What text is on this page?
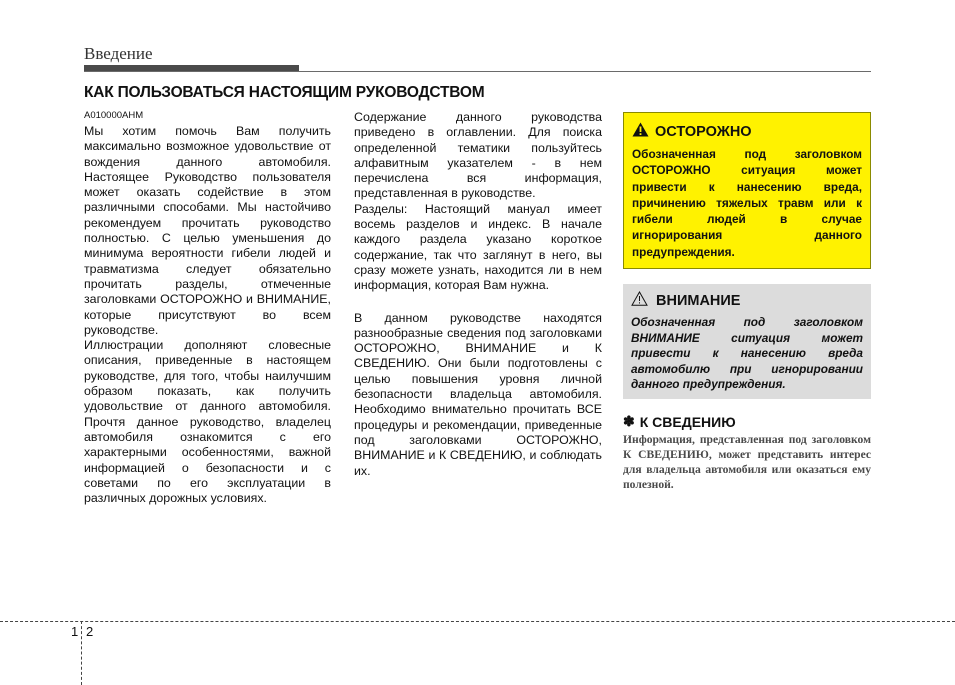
Введение
КАК ПОЛЬЗОВАТЬСЯ НАСТОЯЩИМ РУКОВОДСТВОМ
A010000AHM

Мы хотим помочь Вам получить максимально возможное удовольствие от вождения данного автомобиля. Настоящее Руководство пользователя может оказать содействие в этом различными способами. Мы настойчиво рекомендуем прочитать руководство полностью. С целью уменьшения до минимума вероятности гибели людей и травматизма следует обязательно прочитать разделы, отмеченные заголовками ОСТОРОЖНО и ВНИМАНИЕ, которые присутствуют во всем руководстве.

Иллюстрации дополняют словесные описания, приведенные в настоящем руководстве, для того, чтобы наилучшим образом показать, как получить удовольствие от данного автомобиля. Прочтя данное руководство, владелец автомобиля ознакомится с его характерными особенностями, важной информацией о безопасности и с советами по его эксплуатации в различных дорожных условиях.

Содержание данного руководства приведено в оглавлении. Для поиска определенной тематики пользуйтесь алфавитным указателем - в нем перечислена вся информация, представленная в руководстве.

Разделы: Настоящий мануал имеет восемь разделов и индекс. В начале каждого раздела указано короткое содержание, так что заглянут в него, вы сразу можете узнать, находится ли в нем информация, которая Вам нужна.

В данном руководстве находятся разнообразные сведения под заголовками ОСТОРОЖНО, ВНИМАНИЕ и К СВЕДЕНИЮ. Они были подготовлены с целью повышения уровня личной безопасности владельца автомобиля. Необходимо внимательно прочитать ВСЕ процедуры и рекомендации, приведенные под заголовками ОСТОРОЖНО, ВНИМАНИЕ и К СВЕДЕНИЮ, и соблюдать их.

ОСТОРОЖНО
Обозначенная под заголовком ОСТОРОЖНО ситуация может привести к нанесению вреда, причинению тяжелых травм или к гибели людей в случае игнорирования данного предупреждения.
ВНИМАНИЕ
Обозначенная под заголовком ВНИМАНИЕ ситуация может привести к нанесению вреда автомобилю при игнорировании данного предупреждения.
✽ К СВЕДЕНИЮ
Информация, представленная под заголовком К СВЕДЕНИЮ, может представить интерес для владельца автомобиля или оказаться ему полезной.
1 2
